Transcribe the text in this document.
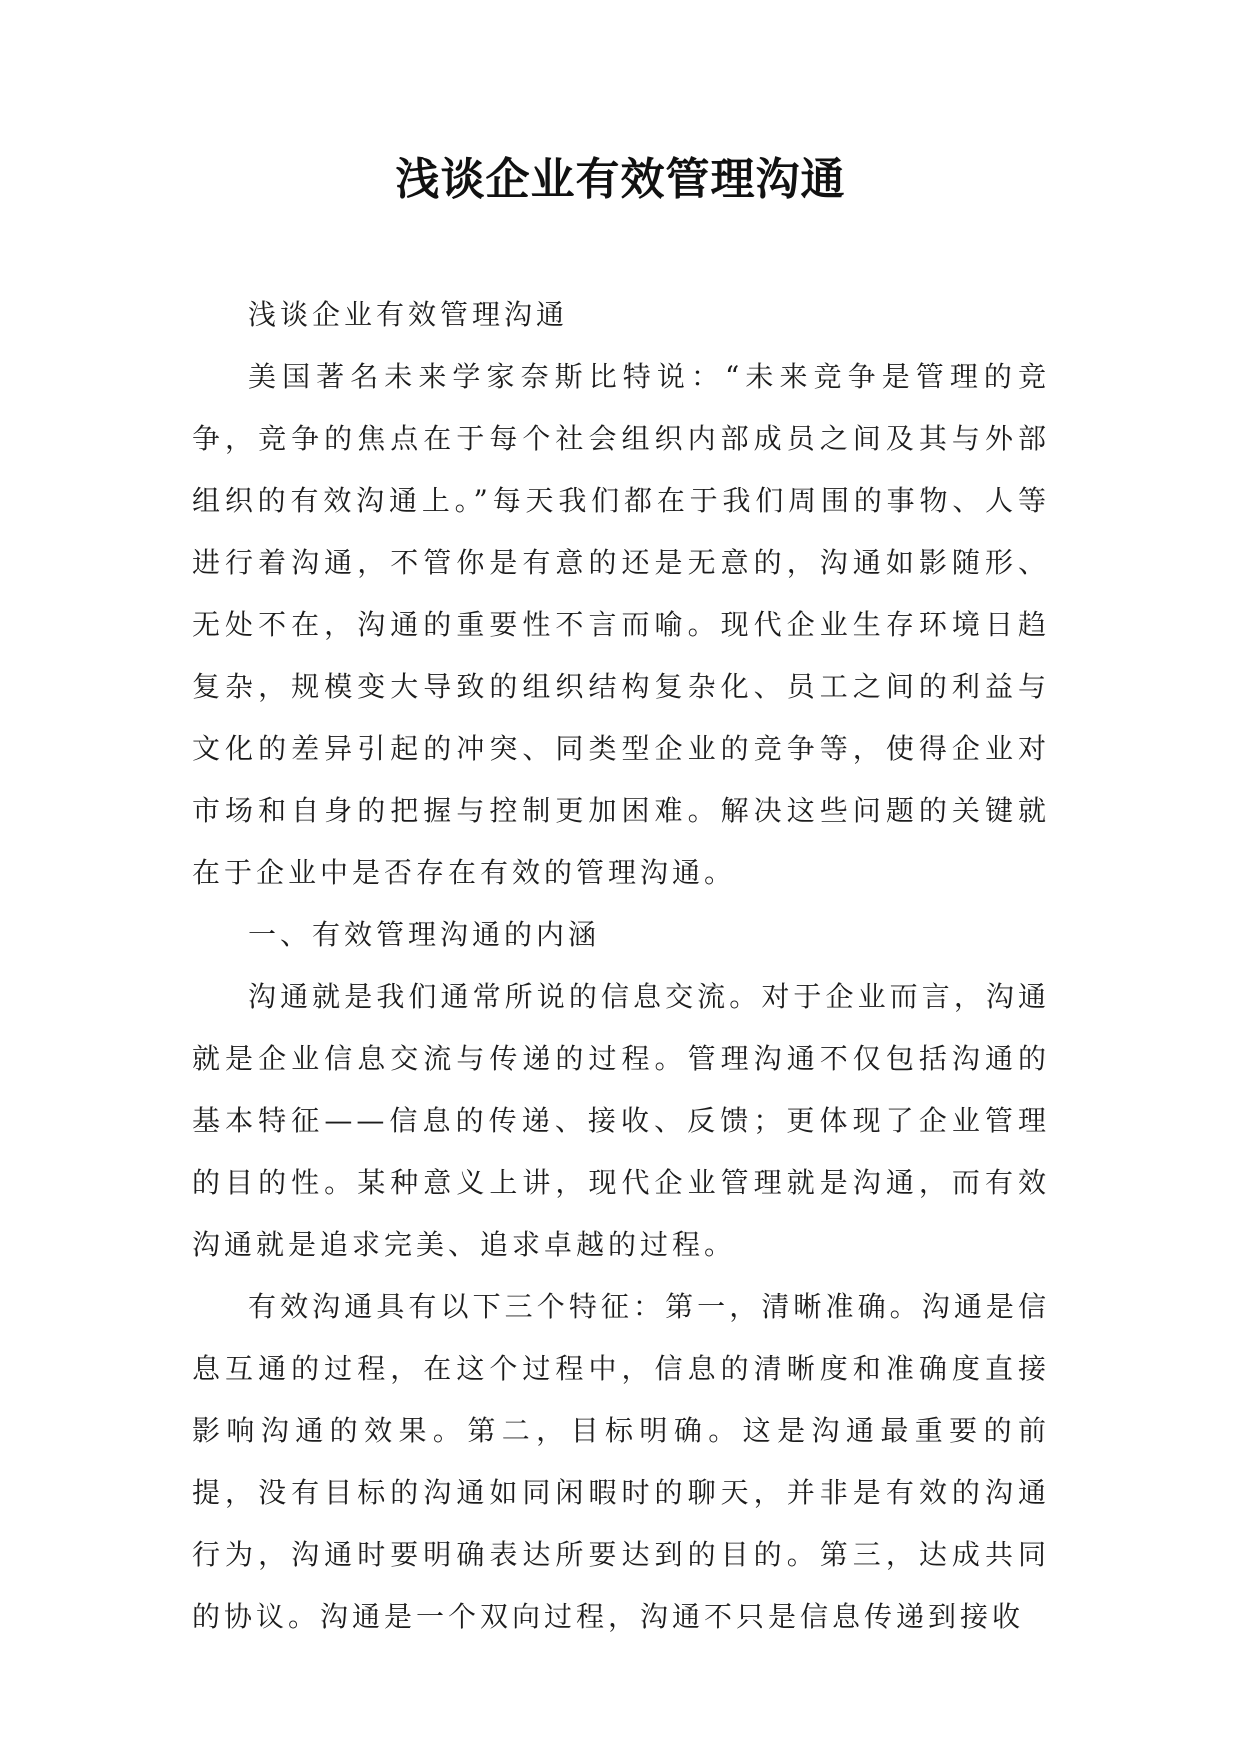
浅谈企业有效管理沟通

浅谈企业有效管理沟通

美国著名未来学家奈斯比特说：“未来竞争是管理的竞争，竞争的焦点在于每个社会组织内部成员之间及其与外部组织的有效沟通上。”每天我们都在于我们周围的事物、人等进行着沟通，不管你是有意的还是无意的，沟通如影随形、无处不在，沟通的重要性不言而喻。现代企业生存环境日趋复杂，规模变大导致的组织结构复杂化、员工之间的利益与文化的差异引起的冲突、同类型企业的竞争等，使得企业对市场和自身的把握与控制更加困难。解决这些问题的关键就在于企业中是否存在有效的管理沟通。

一、有效管理沟通的内涵

沟通就是我们通常所说的信息交流。对于企业而言，沟通就是企业信息交流与传递的过程。管理沟通不仅包括沟通的基本特征——信息的传递、接收、反馈；更体现了企业管理的目的性。某种意义上讲，现代企业管理就是沟通，而有效沟通就是追求完美、追求卓越的过程。

有效沟通具有以下三个特征：第一，清晰准确。沟通是信息互通的过程，在这个过程中，信息的清晰度和准确度直接影响沟通的效果。第二，目标明确。这是沟通最重要的前提，没有目标的沟通如同闲暇时的聊天，并非是有效的沟通行为，沟通时要明确表达所要达到的目的。第三，达成共同的协议。沟通是一个双向过程，沟通不只是信息传递到接收
